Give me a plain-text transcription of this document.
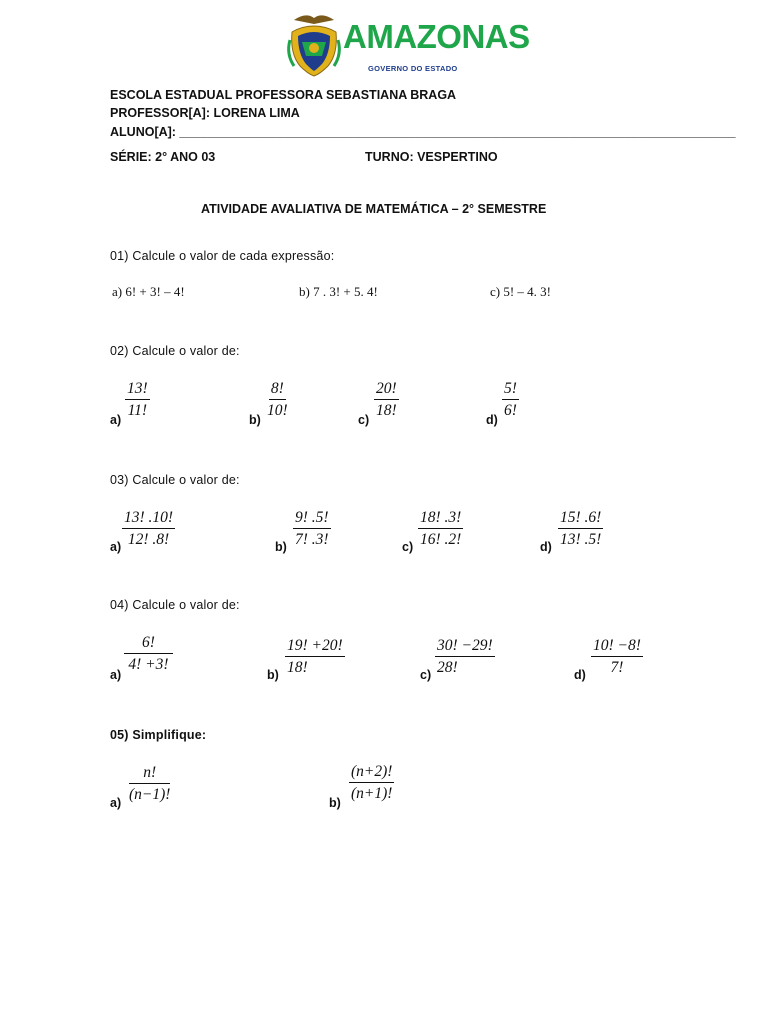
AMAZONAS
GOVERNO DO ESTADO
ESCOLA ESTADUAL PROFESSORA SEBASTIANA BRAGA
PROFESSOR[A]: LORENA LIMA
ALUNO[A]: ________________________________________________________________________________
SÉRIE: 2° ANO 03	TURNO: VESPERTINO
ATIVIDADE AVALIATIVA DE MATEMÁTICA – 2° SEMESTRE
01) Calcule o valor de cada expressão:
a) 6! + 3! – 4!	b) 7 . 3! + 5. 4!	c) 5! – 4. 3!
02) Calcule o valor de:
$a) \frac{13!}{11!}$	$b) \frac{8!}{10!}$	$c) \frac{20!}{18!}$	$d) \frac{5!}{6!}$
03) Calcule o valor de:
$a) \frac{13! .10!}{12! .8!}$	$b) \frac{9! .5!}{7! .3!}$	$c) \frac{18! .3!}{16! .2!}$	$d) \frac{15! .6!}{13! .5!}$
04) Calcule o valor de:
a)
$\frac{6!}{4! +3!}$
$b) \frac{19! +20!}{18!}$	$c) \frac{30! -29!}{28!}$	$d) \frac{10! -8!}{7!}$
05) Simplifique:
$a) \frac{n!}{(n-1)!}$	$b) \frac{(n+2)!}{(n+1)!}$
